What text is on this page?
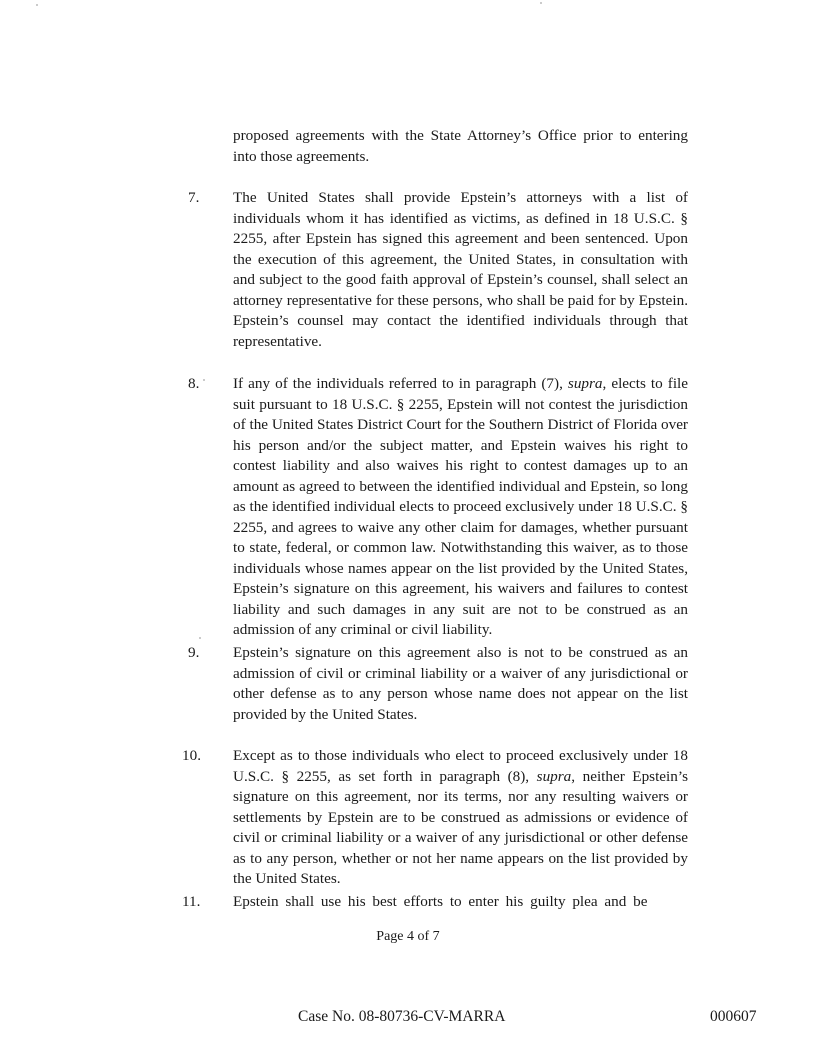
proposed agreements with the State Attorney’s Office prior to entering into those agreements.
7. The United States shall provide Epstein’s attorneys with a list of individuals whom it has identified as victims, as defined in 18 U.S.C. § 2255, after Epstein has signed this agreement and been sentenced. Upon the execution of this agreement, the United States, in consultation with and subject to the good faith approval of Epstein’s counsel, shall select an attorney representative for these persons, who shall be paid for by Epstein. Epstein’s counsel may contact the identified individuals through that representative.
8. If any of the individuals referred to in paragraph (7), supra, elects to file suit pursuant to 18 U.S.C. § 2255, Epstein will not contest the jurisdiction of the United States District Court for the Southern District of Florida over his person and/or the subject matter, and Epstein waives his right to contest liability and also waives his right to contest damages up to an amount as agreed to between the identified individual and Epstein, so long as the identified individual elects to proceed exclusively under 18 U.S.C. § 2255, and agrees to waive any other claim for damages, whether pursuant to state, federal, or common law. Notwithstanding this waiver, as to those individuals whose names appear on the list provided by the United States, Epstein’s signature on this agreement, his waivers and failures to contest liability and such damages in any suit are not to be construed as an admission of any criminal or civil liability.
9. Epstein’s signature on this agreement also is not to be construed as an admission of civil or criminal liability or a waiver of any jurisdictional or other defense as to any person whose name does not appear on the list provided by the United States.
10. Except as to those individuals who elect to proceed exclusively under 18 U.S.C. § 2255, as set forth in paragraph (8), supra, neither Epstein’s signature on this agreement, nor its terms, nor any resulting waivers or settlements by Epstein are to be construed as admissions or evidence of civil or criminal liability or a waiver of any jurisdictional or other defense as to any person, whether or not her name appears on the list provided by the United States.
11. Epstein shall use his best efforts to enter his guilty plea and be
Page 4 of 7
Case No. 08-80736-CV-MARRA	000607
